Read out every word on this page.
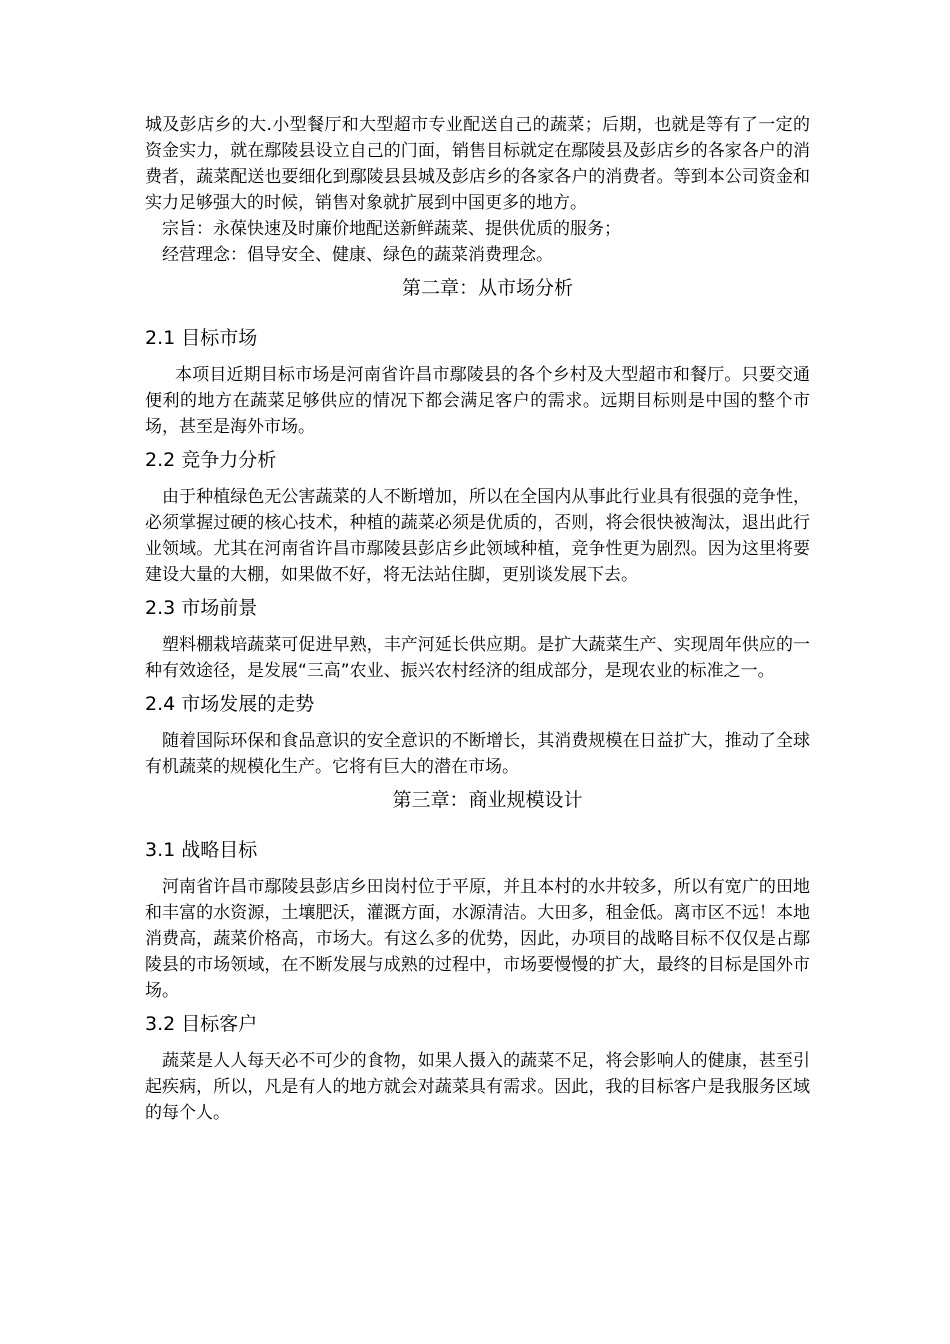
城及彭店乡的大.小型餐厅和大型超市专业配送自己的蔬菜；后期，也就是等有了一定的资金实力，就在鄢陵县设立自己的门面，销售目标就定在鄢陵县及彭店乡的各家各户的消费者，蔬菜配送也要细化到鄢陵县县城及彭店乡的各家各户的消费者。等到本公司资金和实力足够强大的时候，销售对象就扩展到中国更多的地方。

宗旨：永葆快速及时廉价地配送新鲜蔬菜、提供优质的服务；

经营理念：倡导安全、健康、绿色的蔬菜消费理念。

第二章：从市场分析
2.1 目标市场

本项目近期目标市场是河南省许昌市鄢陵县的各个乡村及大型超市和餐厅。只要交通便利的地方在蔬菜足够供应的情况下都会满足客户的需求。远期目标则是中国的整个市场，甚至是海外市场。

2.2 竞争力分析

由于种植绿色无公害蔬菜的人不断增加，所以在全国内从事此行业具有很强的竞争性，必须掌握过硬的核心技术，种植的蔬菜必须是优质的，否则，将会很快被淘汰，退出此行业领域。尤其在河南省许昌市鄢陵县彭店乡此领域种植，竞争性更为剧烈。因为这里将要建设大量的大棚，如果做不好，将无法站住脚，更别谈发展下去。

2.3 市场前景

塑料棚栽培蔬菜可促进早熟，丰产河延长供应期。是扩大蔬菜生产、实现周年供应的一种有效途径，是发展“三高”农业、振兴农村经济的组成部分，是现农业的标准之一。

2.4 市场发展的走势

随着国际环保和食品意识的安全意识的不断增长，其消费规模在日益扩大，推动了全球有机蔬菜的规模化生产。它将有巨大的潜在市场。

第三章：商业规模设计
3.1 战略目标

河南省许昌市鄢陵县彭店乡田岗村位于平原，并且本村的水井较多，所以有宽广的田地和丰富的水资源，土壤肥沃，灌溉方面，水源清洁。大田多，租金低。离市区不远！本地消费高，蔬菜价格高，市场大。有这么多的优势，因此，办项目的战略目标不仅仅是占鄢陵县的市场领域，在不断发展与成熟的过程中，市场要慢慢的扩大，最终的目标是国外市场。

3.2 目标客户

蔬菜是人人每天必不可少的食物，如果人摄入的蔬菜不足，将会影响人的健康，甚至引起疾病，所以，凡是有人的地方就会对蔬菜具有需求。因此，我的目标客户是我服务区域的每个人。
